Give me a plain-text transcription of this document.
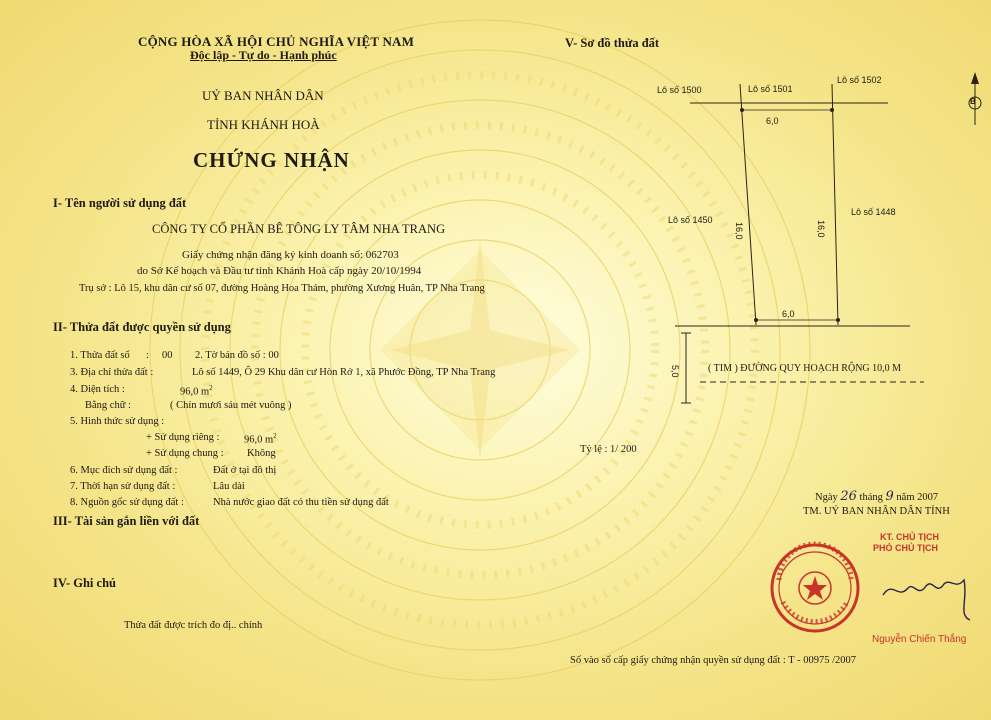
CỘNG HÒA XÃ HỘI CHỦ NGHĨA VIỆT NAM
Độc lập - Tự do - Hạnh phúc
UỶ BAN NHÂN DÂN
TỈNH KHÁNH HOÀ
CHỨNG NHẬN
I- Tên người sử dụng đất
CÔNG TY CỔ PHẦN BÊ TÔNG LY TÂM NHA TRANG
Giấy chứng nhận đăng ký kinh doanh số: 062703
do Sở Kế hoạch và Đầu tư tỉnh Khánh Hoà cấp ngày 20/10/1994
Trụ sở : Lô 15, khu dân cư số 07, đường Hoàng Hoa Thám, phường Xương Huân, TP Nha Trang
II- Thửa đất được quyền sử dụng
1. Thửa đất số : 00 2. Tờ bản đồ số : 00
3. Địa chỉ thửa đất :	Lô số 1449, Ô 29 Khu dân cư Hòn Rớ 1, xã Phước Đồng, TP Nha Trang
4. Diện tích :	96,0 $m^2$
Bằng chữ :	( Chín mươi sáu mét vuông )
5. Hình thức sử dụng :
+ Sử dụng riêng : 96,0 $m^2$
+ Sử dụng chung : Không
6. Mục đích sử dụng đất :	Đất ở tại đô thị
7. Thời hạn sử dụng đất :	Lâu dài
8. Nguồn gốc sử dụng đất :	Nhà nước giao đất có thu tiền sử dụng đất
III- Tài sản gắn liền với đất
IV- Ghi chú
Thửa đất được trích đo đị.. chính
V- Sơ đồ thửa đất
B
Lô số 1500	Lô số 1501
Lô số 1502
Lô số 1450
Lô số 1448
6,0
6,0
16,0	16,0
5,0	( TIM ) ĐƯỜNG QUY HOẠCH RỘNG 10,0 M
Tỷ lệ : 1/ 200
Ngày 26 tháng 9 năm 2007
TM. UỶ BAN NHÂN DÂN TỈNH
KT. CHỦ TỊCH
PHÓ CHỦ TỊCH
Nguyễn Chiến Thắng
Số vào sổ cấp giấy chứng nhận quyền sử dụng đất : T - 00975 /2007
